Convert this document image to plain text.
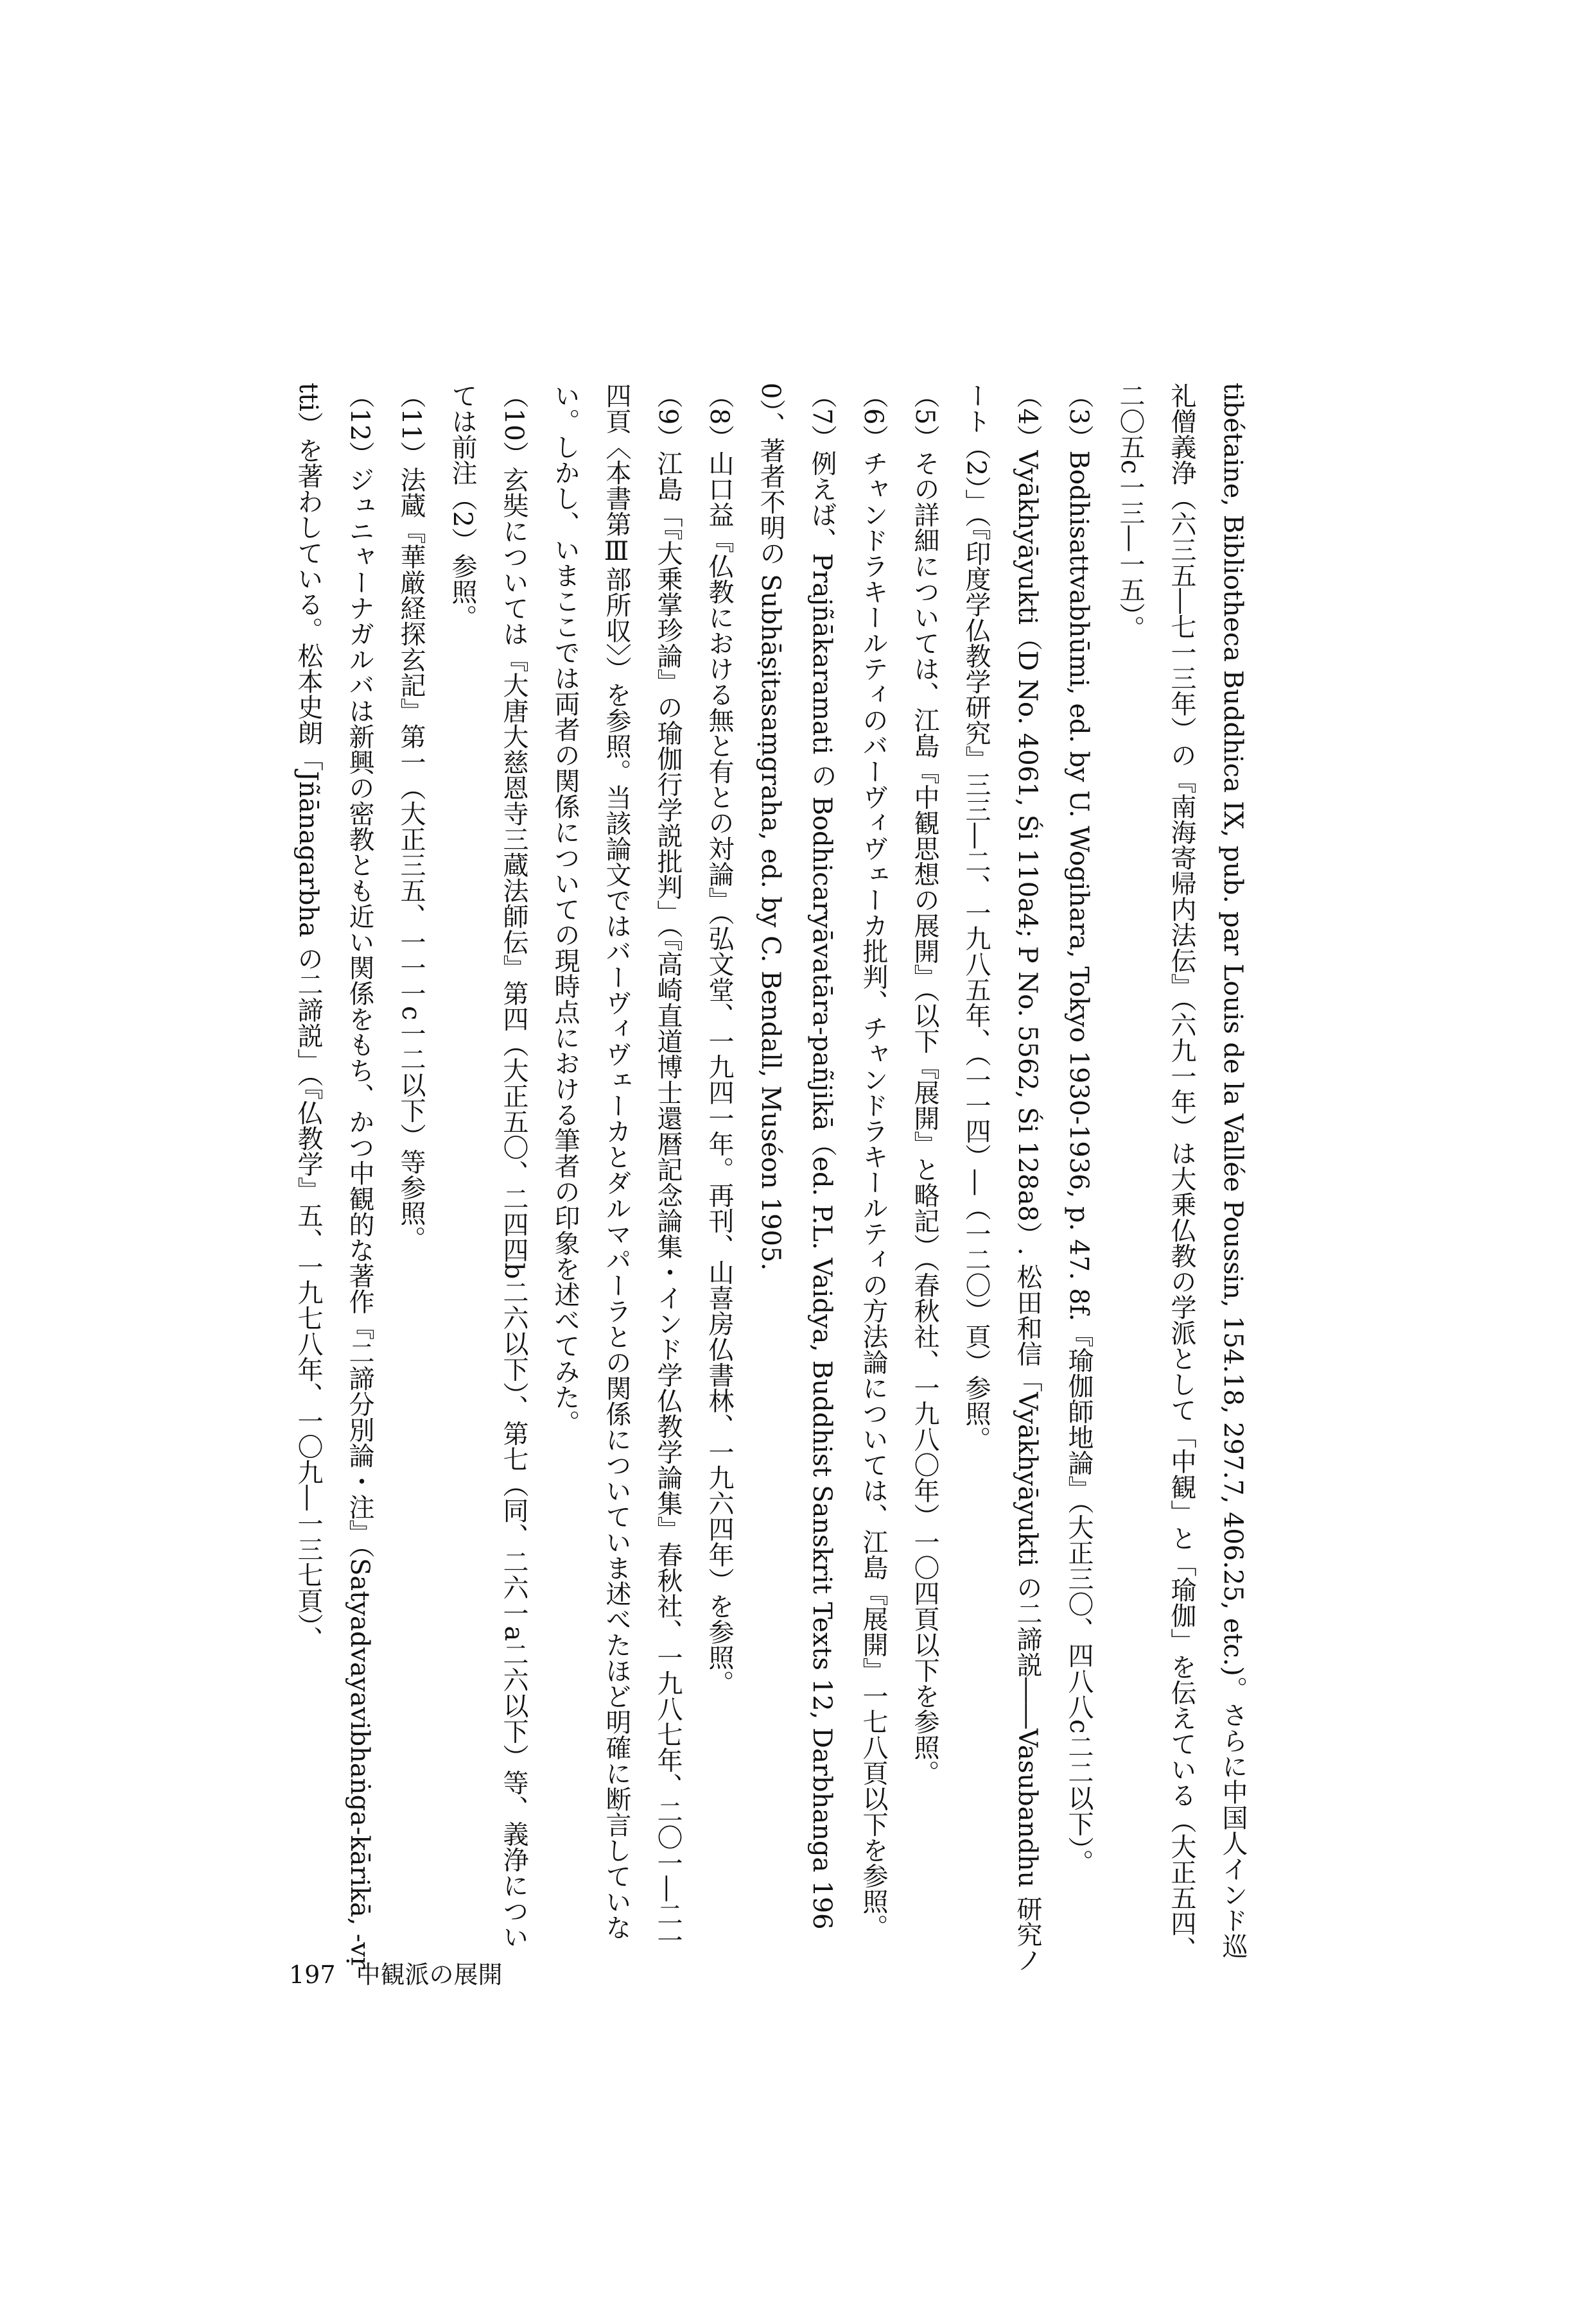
tibétaine, Bibliotheca Buddhica IX, pub. par Louis de la Vallée Poussin, 154.18, 297.7, 406.25, etc.)。さらに中国人インド巡礼僧義浄（六三五―七一三年）の『南海寄帰内法伝』（六九一年）は大乗仏教の学派として「中観」と「瑜伽」を伝えている（大正五四、二〇五c一三―一五）。
（3）Bodhisattvabhūmi, ed. by U. Wogihara, Tokyo 1930-1936, p. 47. 8f.『瑜伽師地論』（大正三〇、四八八c二二以下）。
（4）Vyākhyāyukti（D No. 4061, Śi 110a4; P No. 5562, Śi 128a8）. 松田和信「Vyākhyāyukti の二諦説――Vasubandhu 研究ノート（2）」（『印度学仏教学研究』三三―二、一九八五年、（一一四）―（一二〇）頁）参照。
（5）その詳細については、江島『中観思想の展開』（以下『展開』と略記）（春秋社、一九八〇年）一〇四頁以下を参照。
（6）チャンドラキールティのバーヴィヴェーカ批判、チャンドラキールティの方法論については、江島『展開』一七八頁以下を参照。
（7）例えば、Prajñākaramati の Bodhicaryāvatāra-pañjikā（ed. P.L. Vaidya, Buddhist Sanskrit Texts 12, Darbhanga 1960）、著者不明の Subhāṣitasaṃgraha, ed. by C. Bendall, Muséon 1905.
（8）山口益『仏教における無と有との対論』（弘文堂、一九四一年。再刊、山喜房仏書林、一九六四年）を参照。
（9）江島「『大乗掌珍論』の瑜伽行学説批判」（『高崎直道博士還暦記念論集・インド学仏教学論集』春秋社、一九八七年、二〇一―二一四頁〈本書第Ⅲ部所収〉）を参照。当該論文ではバーヴィヴェーカとダルマパーラとの関係についていま述べたほど明確に断言していない。しかし、いまここでは両者の関係についての現時点における筆者の印象を述べてみた。
（10）玄奘については『大唐大慈恩寺三蔵法師伝』第四（大正五〇、二四四b二六以下）、第七（同、二六一a二六以下）等、義浄については前注（2）参照。
（11）法蔵『華厳経探玄記』第一（大正三五、一一一c一二以下）等参照。
（12）ジュニャーナガルバは新興の密教とも近い関係をもち、かつ中観的な著作『二諦分別論・注』（Satyadvayavibhaṅga-kārikā, -vṛtti）を著わしている。松本史朗「Jñānagarbha の二諦説」（『仏教学』五、一九七八年、一〇九―一三七頁）、
197 中観派の展開
